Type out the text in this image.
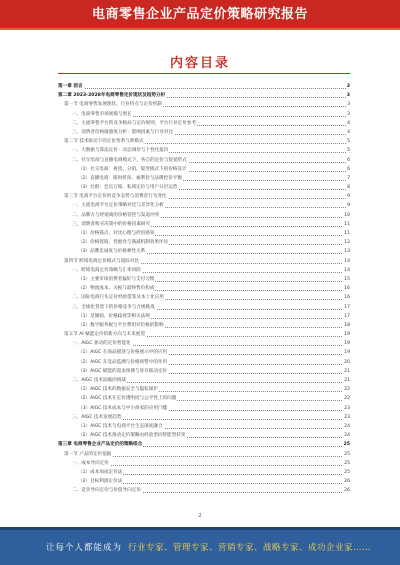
电商零售企业产品定价策略研究报告
内容目录
第一章 前言	3
第二章 2023-2028年电商零售定价现状及趋势分析	3
第一节 电商零售发展现状、行业特点与定价机制	3
一、电商零售市场规模与增长	3
二、主流零售平台的竞争格局与定价规则，平台行业定价参考	4
三、消费者价格敏感度分析：影响因素与行业对比	4
第二节 技术驱动下的定价变革与新模式	5
一、大数据与算法定价：动态调价与个性化报价	5
二、社交电商与直播电商模式下，各自的定价与促销形式	6
（1）社交电商：拼团、分销、裂变模式下的价格设计	6
（2）直播电商：限时折扣、福利价与品牌控价平衡	7
（3）社群：会员订阅、私域定价与用户分层运营	8
第三节 电商平台定价的竞争态势与消费者行为变化	9
一、主流电商平台定价策略对比与差异化分析	9
二、品牌方与经销商的价格管控与渠道冲突	10
三、消费者购买决策中的价格因素研究	11
（1）价格锚点、对比心理与折扣感知	11
（2）价格促销、优惠券与满减机制效果评估	12
（3）品牌忠诚度与价格弹性关系	13
第四节 跨境电商定价模式与国际对比	14
一、跨境电商定价策略与汇率风险	14
（1）主要市场消费者偏好与支付习惯	15
（2）物流成本、关税与最终售价构成	16
二、国际电商巨头定价经验借鉴及本土化应用	16
三、全球化背景下的价格竞争与合规挑战	17
（1）反倾销、价格歧视等相关法规	17
（2）数字服务税与平台费用对价格的影响	18
第五节 AI 赋能定价的新方向与未来展望	19
一、AIGC 驱动的定价智能化	19
（1）AIGC 在商品描述与价格展示中的应用	19
（2）AIGC 在竞品监测与价格预警中的作用	20
（3）AIGC 赋能的需求预测与库存联动定价	21
二、AIGC 技术面临的挑战	21
（1）AIGC 技术的数据安全与隐私保护	22
（2）AIGC 技术在定价透明度与公平性上的问题	22
（3）AIGC 技术成本与中小商家的应用门槛	23
三、AIGC 技术发展趋势	23
（1）AIGC 技术与电商平台生态深度融合	24
（2）AIGC 技术推动定价策略由经验型向智能型转变	24
第三章 电商零售企业产品定价的策略组合	25
第一节 产品的定价依据	25
一、成本导向定价	25
（1）成本加成定价法	25
（2）目标利润定价法	26
二、竞争导向定价与价值导向定价	26
2
让每个人都能成为 行业专家、管理专家、营销专家、战略专家、成功企业家……
